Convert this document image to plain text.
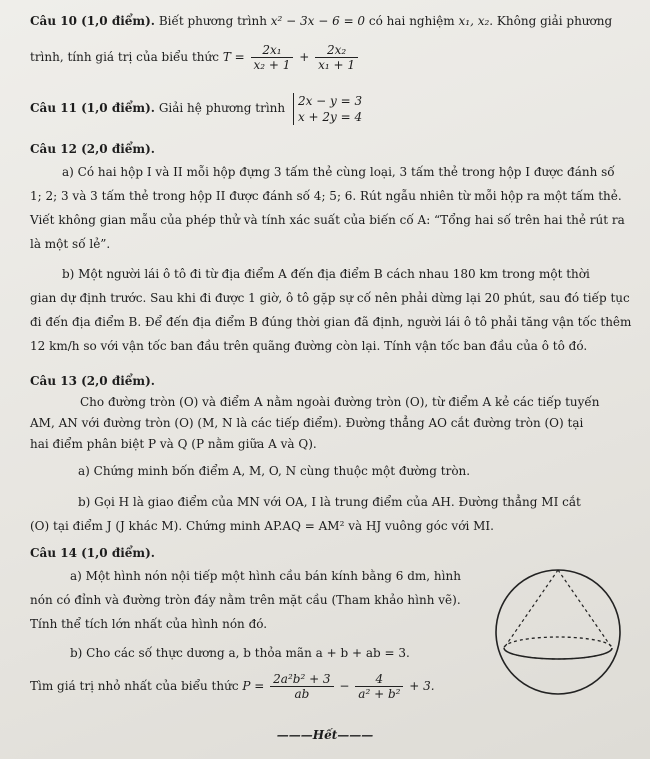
Câu 10 (1,0 điểm). Biết phương trình x² − 3x − 6 = 0 có hai nghiệm x₁, x₂. Không giải phương
trình, tính giá trị của biểu thức $T = \frac{\text{2x₁}}{\text{x₂ + 1}} + \frac{\text{2x₂}}{\text{x₁ + 1}}$
Câu 11 (1,0 điểm). Giải hệ phương trình
2x − y = 3
x + 2y = 4
Câu 12 (2,0 điểm).
a) Có hai hộp I và II mỗi hộp đựng 3 tấm thẻ cùng loại, 3 tấm thẻ trong hộp I được đánh số
1; 2; 3 và 3 tấm thẻ trong hộp II được đánh số 4; 5; 6. Rút ngẫu nhiên từ mỗi hộp ra một tấm thẻ.
Viết không gian mẫu của phép thử và tính xác suất của biến cố A: “Tổng hai số trên hai thẻ rút ra
là một số lẻ”.
b) Một người lái ô tô đi từ địa điểm A đến địa điểm B cách nhau 180 km trong một thời
gian dự định trước. Sau khi đi được 1 giờ, ô tô gặp sự cố nên phải dừng lại 20 phút, sau đó tiếp tục
đi đến địa điểm B. Để đến địa điểm B đúng thời gian đã định, người lái ô tô phải tăng vận tốc thêm
12 km/h so với vận tốc ban đầu trên quãng đường còn lại. Tính vận tốc ban đầu của ô tô đó.
Câu 13 (2,0 điểm).
Cho đường tròn (O) và điểm A nằm ngoài đường tròn (O), từ điểm A kẻ các tiếp tuyến
AM, AN với đường tròn (O) (M, N là các tiếp điểm). Đường thẳng AO cắt đường tròn (O) tại
hai điểm phân biệt P và Q (P nằm giữa A và Q).
a) Chứng minh bốn điểm A, M, O, N cùng thuộc một đường tròn.
b) Gọi H là giao điểm của MN với OA, I là trung điểm của AH. Đường thẳng MI cắt
(O) tại điểm J (J khác M). Chứng minh AP.AQ = AM² và HJ vuông góc với MI.
Câu 14 (1,0 điểm).
a) Một hình nón nội tiếp một hình cầu bán kính bằng 6 dm, hình
nón có đỉnh và đường tròn đáy nằm trên mặt cầu (Tham khảo hình vẽ).
Tính thể tích lớn nhất của hình nón đó.
b) Cho các số thực dương a, b thỏa mãn a + b + ab = 3.
Tìm giá trị nhỏ nhất của biểu thức $P = \frac{\text{2a²b² + 3}}{ab} - \frac{4}{\text{a² + b²}} + 3$.
———Hết———
